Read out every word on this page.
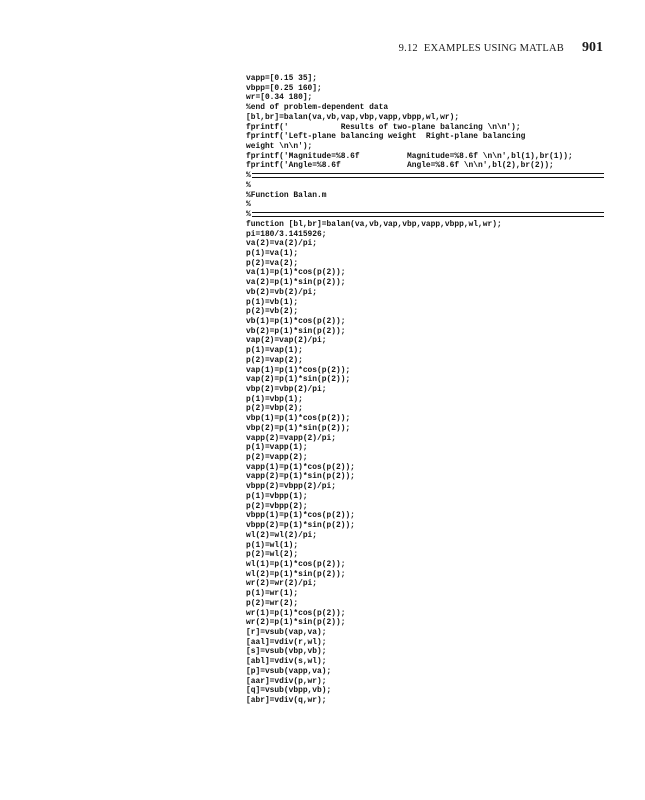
9.12 EXAMPLES USING MATLAB 901
vapp=[0.15 35];
vbpp=[0.25 160];
wr=[0.34 180];
%end of problem-dependent data
[bl,br]=balan(va,vb,vap,vbp,vapp,vbpp,wl,wr);
fprintf('           Results of two-plane balancing \n\n');
fprintf('Left-plane balancing weight  Right-plane balancing
weight \n\n');
fprintf('Magnitude=%8.6f          Magnitude=%8.6f \n\n',bl(1),br(1));
fprintf('Angle=%8.6f              Angle=%8.6f \n\n',bl(2),br(2));
%
%
%Function Balan.m
%
%
function [bl,br]=balan(va,vb,vap,vbp,vapp,vbpp,wl,wr);
pi=180/3.1415926;
va(2)=va(2)/pi;
p(1)=va(1);
p(2)=va(2);
va(1)=p(1)*cos(p(2));
va(2)=p(1)*sin(p(2));
vb(2)=vb(2)/pi;
p(1)=vb(1);
p(2)=vb(2);
vb(1)=p(1)*cos(p(2));
vb(2)=p(1)*sin(p(2));
vap(2)=vap(2)/pi;
p(1)=vap(1);
p(2)=vap(2);
vap(1)=p(1)*cos(p(2));
vap(2)=p(1)*sin(p(2));
vbp(2)=vbp(2)/pi;
p(1)=vbp(1);
p(2)=vbp(2);
vbp(1)=p(1)*cos(p(2));
vbp(2)=p(1)*sin(p(2));
vapp(2)=vapp(2)/pi;
p(1)=vapp(1);
p(2)=vapp(2);
vapp(1)=p(1)*cos(p(2));
vapp(2)=p(1)*sin(p(2));
vbpp(2)=vbpp(2)/pi;
p(1)=vbpp(1);
p(2)=vbpp(2);
vbpp(1)=p(1)*cos(p(2));
vbpp(2)=p(1)*sin(p(2));
wl(2)=wl(2)/pi;
p(1)=wl(1);
p(2)=wl(2);
wl(1)=p(1)*cos(p(2));
wl(2)=p(1)*sin(p(2));
wr(2)=wr(2)/pi;
p(1)=wr(1);
p(2)=wr(2);
wr(1)=p(1)*cos(p(2));
wr(2)=p(1)*sin(p(2));
[r]=vsub(vap,va);
[aal]=vdiv(r,wl);
[s]=vsub(vbp,vb);
[abl]=vdiv(s,wl);
[p]=vsub(vapp,va);
[aar]=vdiv(p,wr);
[q]=vsub(vbpp,vb);
[abr]=vdiv(q,wr);
